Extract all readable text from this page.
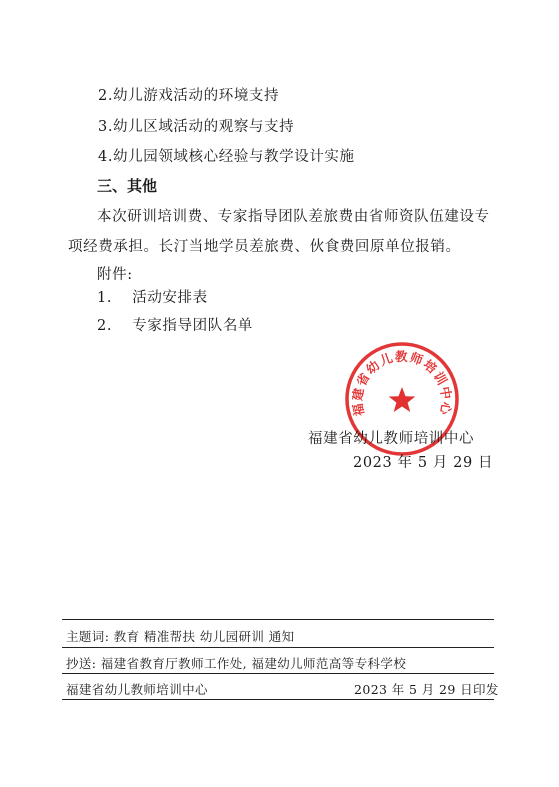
2.幼儿游戏活动的环境支持
3.幼儿区域活动的观察与支持
4.幼儿园领域核心经验与教学设计实施
三、其他
本次研训培训费、专家指导团队差旅费由省师资队伍建设专
项经费承担。长汀当地学员差旅费、伙食费回原单位报销。
附件:
1. 活动安排表
2. 专家指导团队名单
福建省幼儿教师培训中心
福建省幼儿教师培训中心
2023 年 5 月 29 日
主题词: 教育 精准帮扶 幼儿园研训 通知
抄送: 福建省教育厅教师工作处, 福建幼儿师范高等专科学校
福建省幼儿教师培训中心	2023 年 5 月 29 日印发
